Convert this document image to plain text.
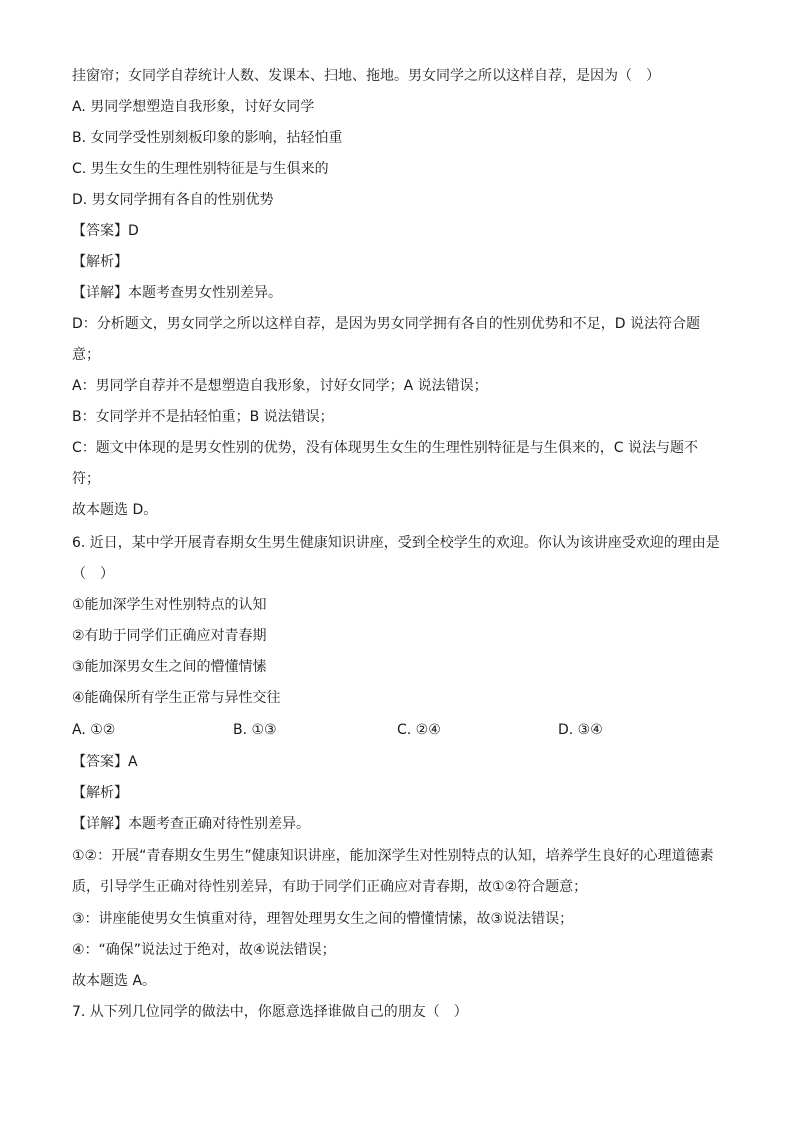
挂窗帘；女同学自荐统计人数、发课本、扫地、拖地。男女同学之所以这样自荐，是因为（　）
A. 男同学想塑造自我形象，讨好女同学
B. 女同学受性别刻板印象的影响，拈轻怕重
C. 男生女生的生理性别特征是与生俱来的
D. 男女同学拥有各自的性别优势
【答案】D
【解析】
【详解】本题考查男女性别差异。
D：分析题文，男女同学之所以这样自荐，是因为男女同学拥有各自的性别优势和不足，D 说法符合题
意；
A：男同学自荐并不是想塑造自我形象，讨好女同学；A 说法错误；
B：女同学并不是拈轻怕重；B 说法错误；
C：题文中体现的是男女性别的优势，没有体现男生女生的生理性别特征是与生俱来的，C 说法与题不
符；
故本题选 D。
6. 近日，某中学开展青春期女生男生健康知识讲座，受到全校学生的欢迎。你认为该讲座受欢迎的理由是
（　）
①能加深学生对性别特点的认知
②有助于同学们正确应对青春期
③能加深男女生之间的懵懂情愫
④能确保所有学生正常与异性交往
A. ①②	B. ①③	C. ②④	D. ③④
【答案】A
【解析】
【详解】本题考查正确对待性别差异。
①②：开展“青春期女生男生”健康知识讲座，能加深学生对性别特点的认知，培养学生良好的心理道德素
质，引导学生正确对待性别差异，有助于同学们正确应对青春期，故①②符合题意；
③：讲座能使男女生慎重对待，理智处理男女生之间的懵懂情愫，故③说法错误；
④：“确保”说法过于绝对，故④说法错误；
故本题选 A。
7. 从下列几位同学的做法中，你愿意选择谁做自己的朋友（　）
